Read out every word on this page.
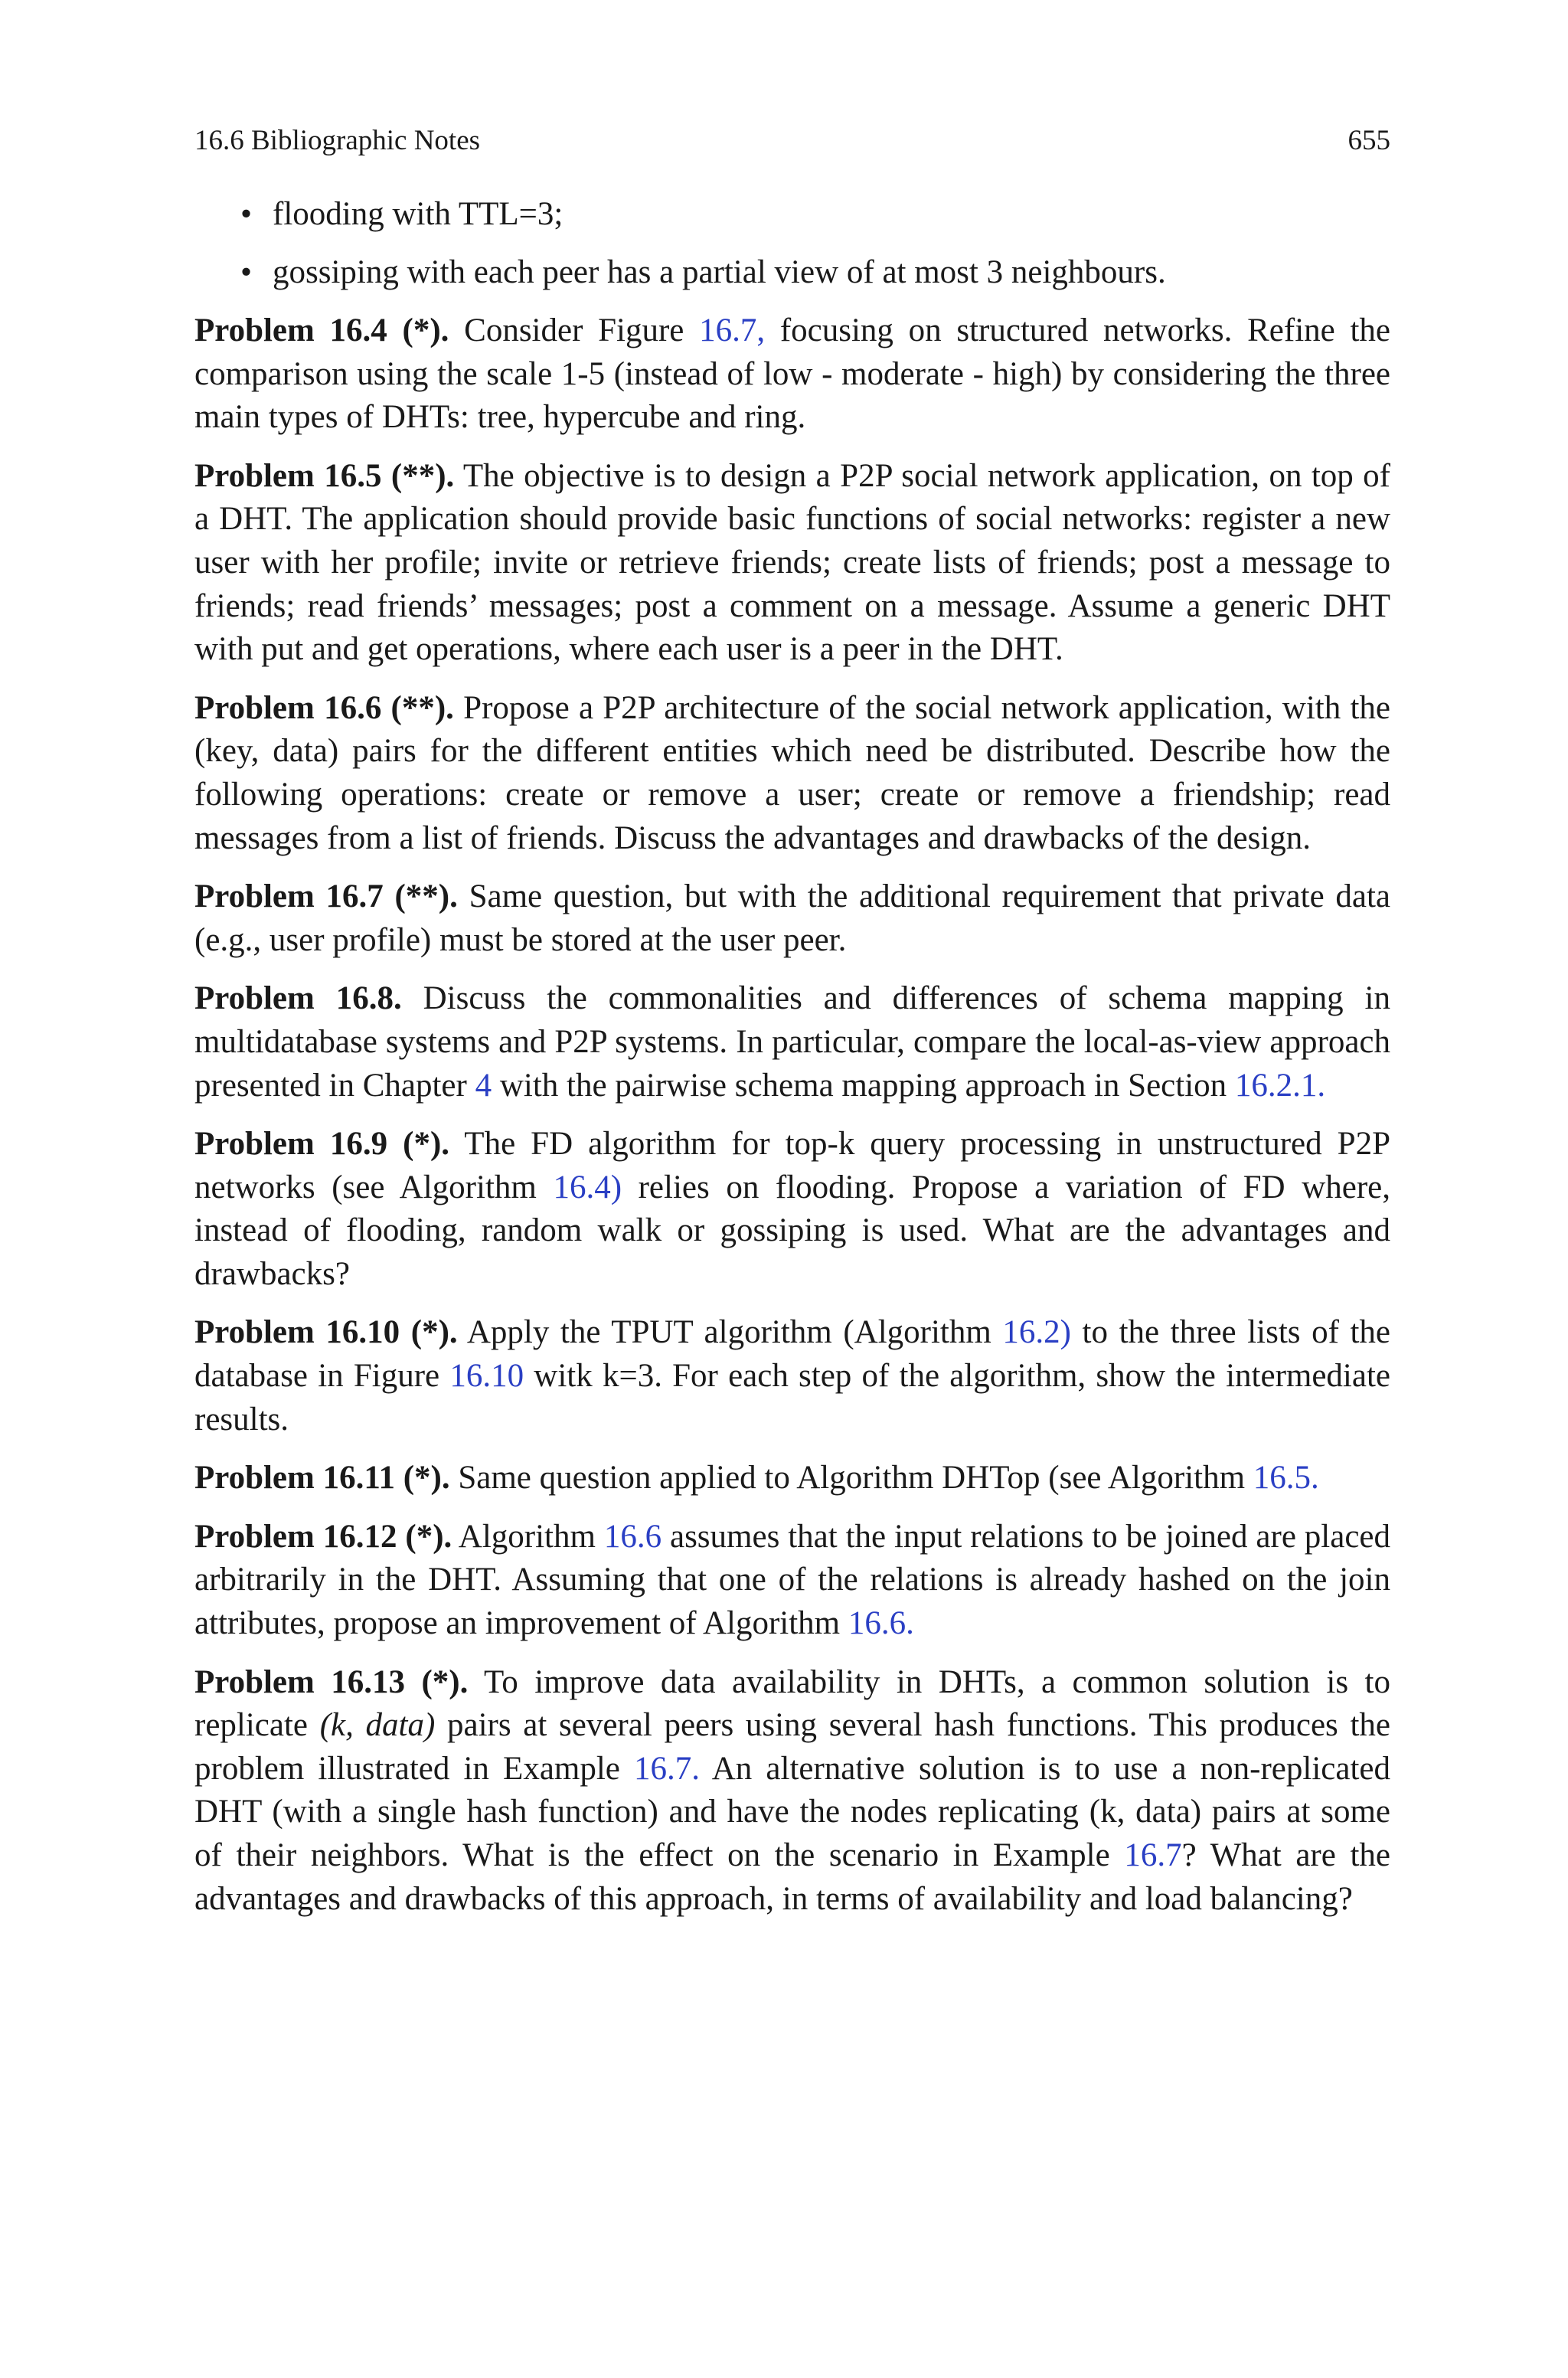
16.6 Bibliographic Notes	655
• flooding with TTL=3;
• gossiping with each peer has a partial view of at most 3 neighbours.

Problem 16.4 (*). Consider Figure 16.7, focusing on structured networks. Refine the comparison using the scale 1-5 (instead of low - moderate - high) by considering the three main types of DHTs: tree, hypercube and ring.

Problem 16.5 (**). The objective is to design a P2P social network application, on top of a DHT. The application should provide basic functions of social networks: register a new user with her profile; invite or retrieve friends; create lists of friends; post a message to friends; read friends’ messages; post a comment on a message. Assume a generic DHT with put and get operations, where each user is a peer in the DHT.

Problem 16.6 (**). Propose a P2P architecture of the social network application, with the (key, data) pairs for the different entities which need be distributed. Describe how the following operations: create or remove a user; create or remove a friendship; read messages from a list of friends. Discuss the advantages and drawbacks of the design.

Problem 16.7 (**). Same question, but with the additional requirement that private data (e.g., user profile) must be stored at the user peer.

Problem 16.8. Discuss the commonalities and differences of schema mapping in multidatabase systems and P2P systems. In particular, compare the local-as-view approach presented in Chapter 4 with the pairwise schema mapping approach in Section 16.2.1.

Problem 16.9 (*). The FD algorithm for top-k query processing in unstructured P2P networks (see Algorithm 16.4) relies on flooding. Propose a variation of FD where, instead of flooding, random walk or gossiping is used. What are the advantages and drawbacks?

Problem 16.10 (*). Apply the TPUT algorithm (Algorithm 16.2) to the three lists of the database in Figure 16.10 witk k=3. For each step of the algorithm, show the intermediate results.

Problem 16.11 (*). Same question applied to Algorithm DHTop (see Algorithm 16.5.

Problem 16.12 (*). Algorithm 16.6 assumes that the input relations to be joined are placed arbitrarily in the DHT. Assuming that one of the relations is already hashed on the join attributes, propose an improvement of Algorithm 16.6.

Problem 16.13 (*). To improve data availability in DHTs, a common solution is to replicate (k, data) pairs at several peers using several hash functions. This produces the problem illustrated in Example 16.7. An alternative solution is to use a non-replicated DHT (with a single hash function) and have the nodes replicating (k, data) pairs at some of their neighbors. What is the effect on the scenario in Example 16.7? What are the advantages and drawbacks of this approach, in terms of availability and load balancing?
